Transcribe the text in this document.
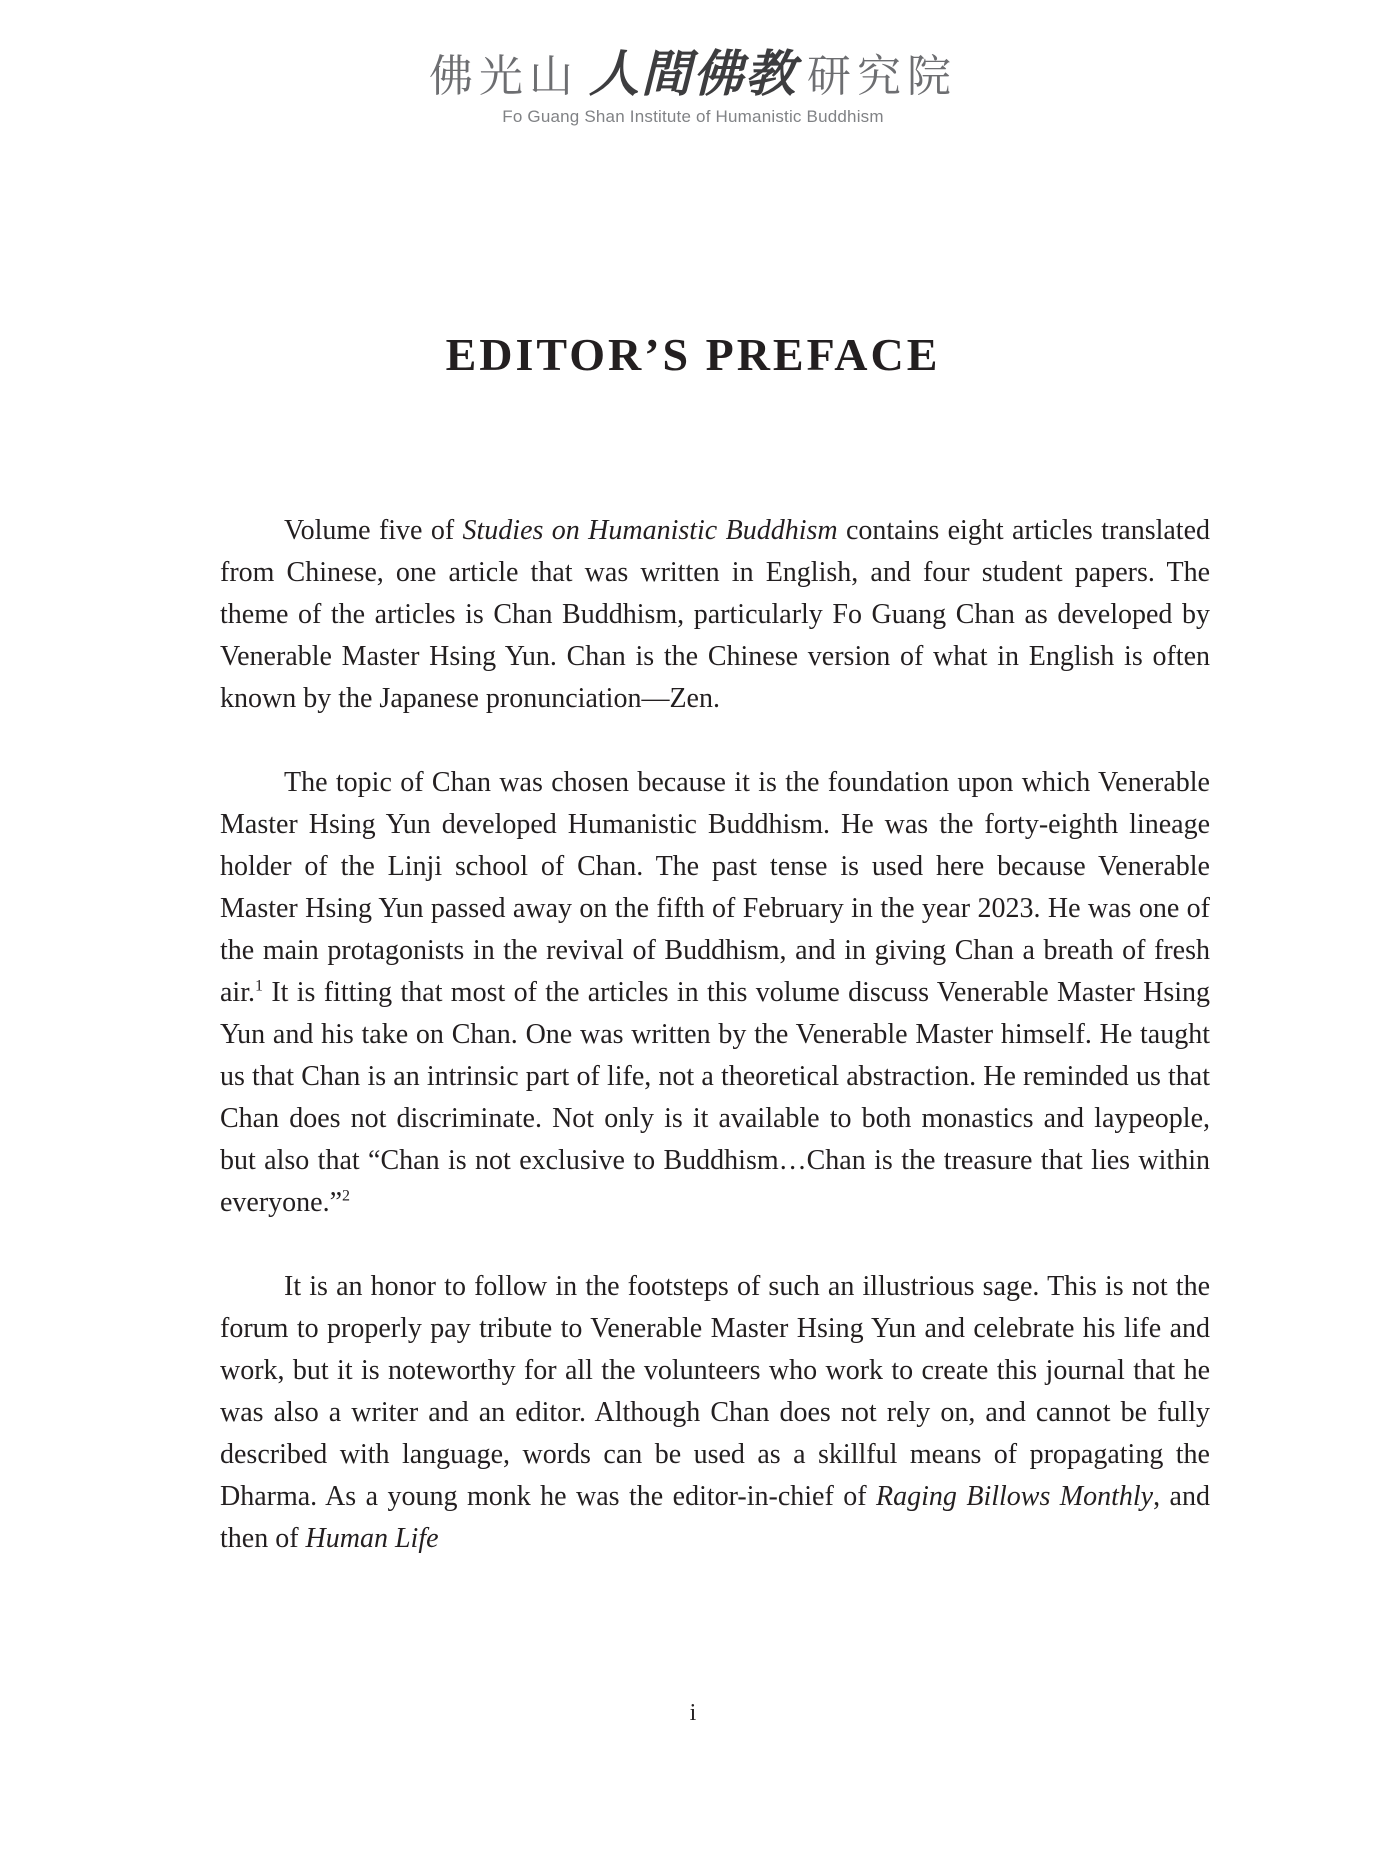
佛光山 人間佛教 研究院
Fo Guang Shan Institute of Humanistic Buddhism
EDITOR’S PREFACE

Volume five of Studies on Humanistic Buddhism contains eight articles translated from Chinese, one article that was written in English, and four student papers. The theme of the articles is Chan Buddhism, particularly Fo Guang Chan as developed by Venerable Master Hsing Yun. Chan is the Chinese version of what in English is often known by the Japanese pronunciation—Zen.

The topic of Chan was chosen because it is the foundation upon which Venerable Master Hsing Yun developed Humanistic Buddhism. He was the forty-eighth lineage holder of the Linji school of Chan. The past tense is used here because Venerable Master Hsing Yun passed away on the fifth of February in the year 2023. He was one of the main protagonists in the revival of Buddhism, and in giving Chan a breath of fresh air.$^1$ It is fitting that most of the articles in this volume discuss Venerable Master Hsing Yun and his take on Chan. One was written by the Venerable Master himself. He taught us that Chan is an intrinsic part of life, not a theoretical abstraction. He reminded us that Chan does not discriminate. Not only is it available to both monastics and laypeople, but also that “Chan is not exclusive to Buddhism…Chan is the treasure that lies within everyone.”$^2$

It is an honor to follow in the footsteps of such an illustrious sage. This is not the forum to properly pay tribute to Venerable Master Hsing Yun and celebrate his life and work, but it is noteworthy for all the volunteers who work to create this journal that he was also a writer and an editor. Although Chan does not rely on, and cannot be fully described with language, words can be used as a skillful means of propagating the Dharma. As a young monk he was the editor-in-chief of Raging Billows Monthly, and then of Human Life

i
